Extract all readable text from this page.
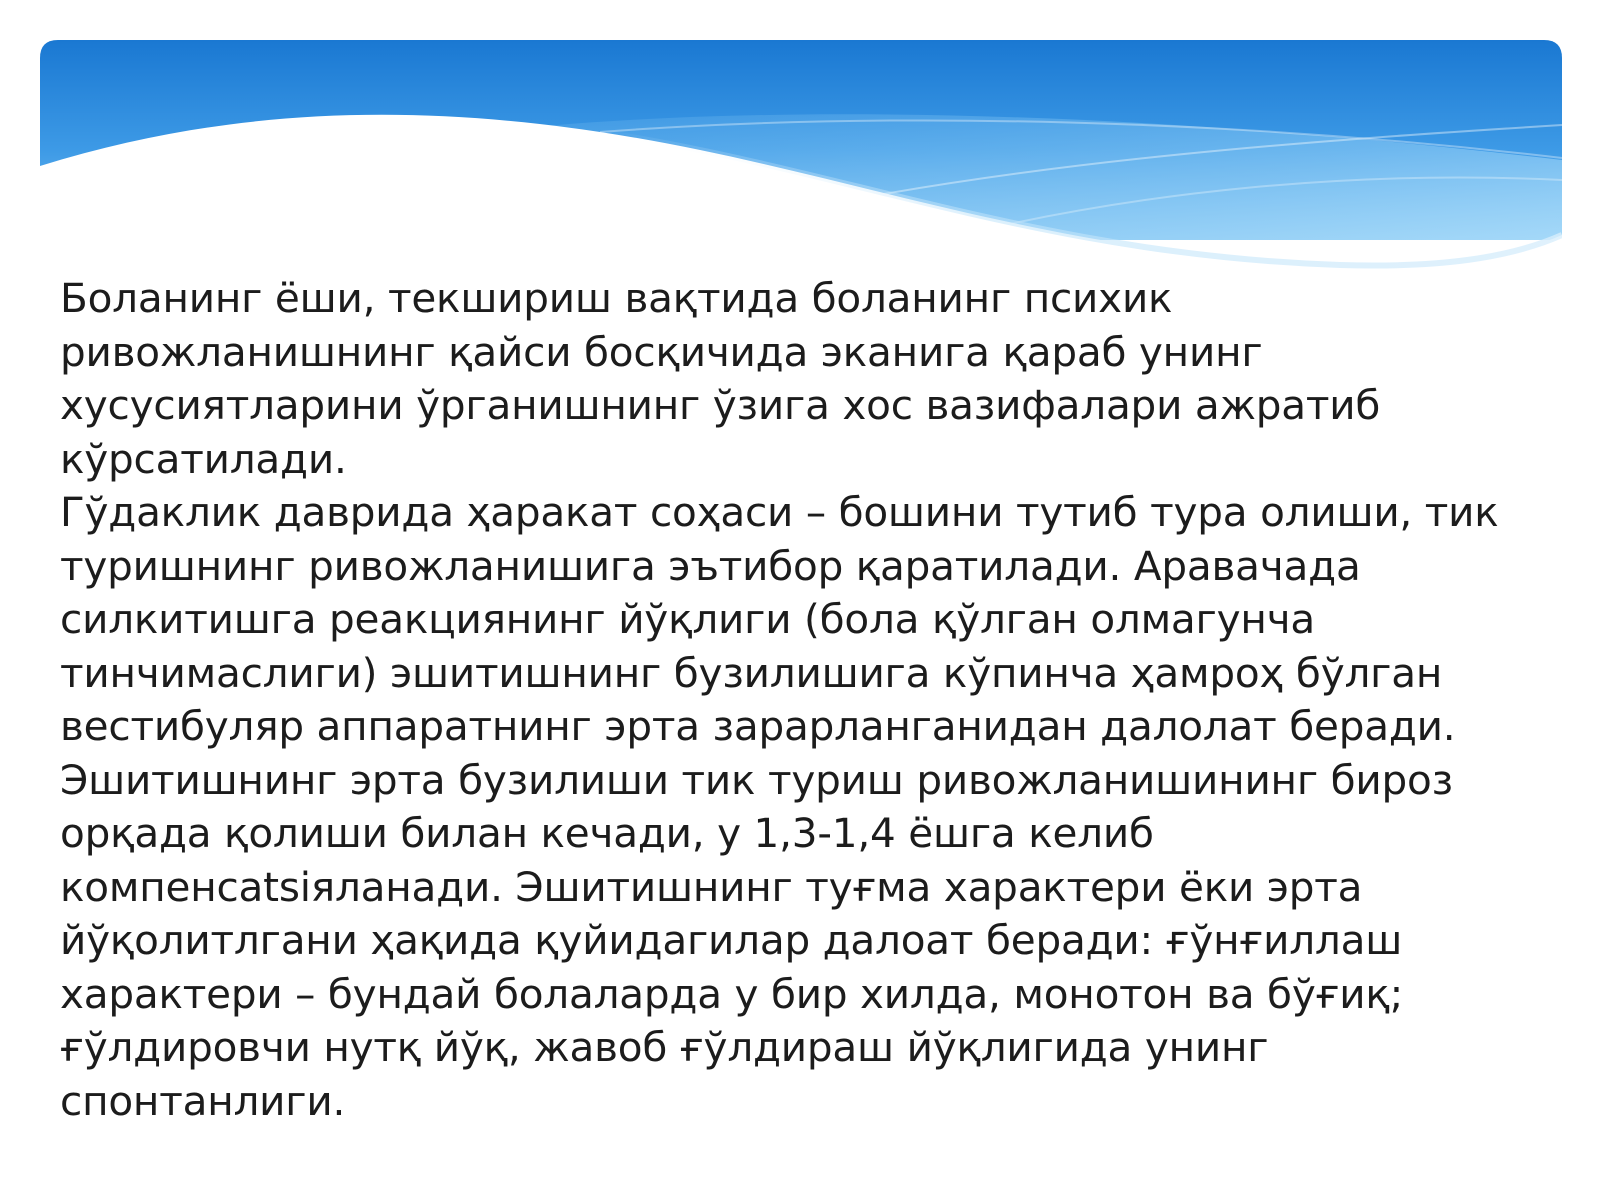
Боланинг ёши, текшириш вақтида боланинг психик ривожланишнинг қайси босқичида эканига қараб унинг хусусиятларини ўрганишнинг ўзига хос вазифалари ажратиб кўрсатилади.
Гўдаклик даврида ҳаракат соҳаси – бошини тутиб тура олиши, тик туришнинг ривожланишига эътибор қаратилади. Аравачада силкитишга реакциянинг йўқлиги (бола қўлган олмагунча тинчимаслиги) эшитишнинг бузилишига кўпинча ҳамроҳ бўлган вестибуляр аппаратнинг эрта зарарланганидан далолат беради. Эшитишнинг эрта бузилиши тик туриш ривожланишининг бироз орқада қолиши билан кечади, у 1,3-1,4 ёшга келиб компенcatsiяланади. Эшитишнинг туғма характери ёки эрта йўқолитлгани ҳақида қуйидагилар далоат беради: ғўнғиллаш характери – бундай болаларда у бир хилда, монотон ва бўғиқ; ғўлдировчи нутқ йўқ, жавоб ғўлдираш йўқлигида унинг спонтанлиги.
